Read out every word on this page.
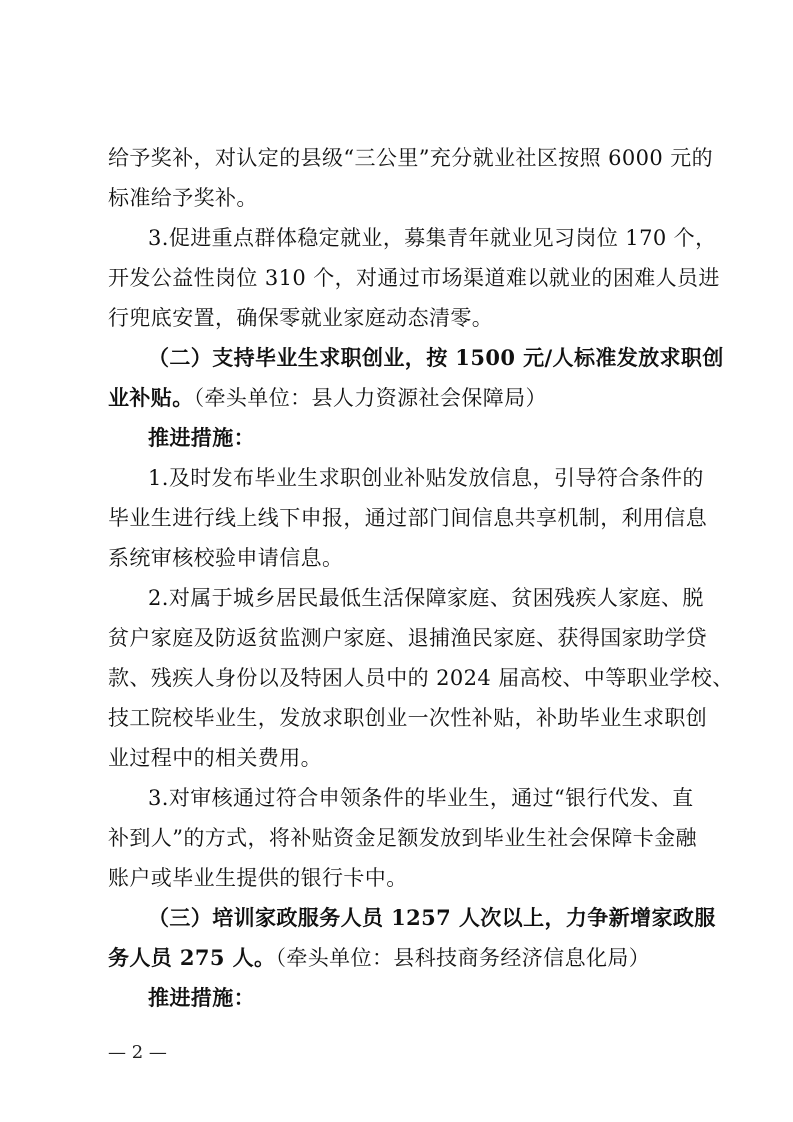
给予奖补，对认定的县级“三公里”充分就业社区按照 6000 元的
标准给予奖补。
3.促进重点群体稳定就业，募集青年就业见习岗位 170 个，
开发公益性岗位 310 个，对通过市场渠道难以就业的困难人员进
行兜底安置，确保零就业家庭动态清零。
（二）支持毕业生求职创业，按 1500 元/人标准发放求职创
业补贴。（牵头单位：县人力资源社会保障局）
推进措施：
1.及时发布毕业生求职创业补贴发放信息，引导符合条件的
毕业生进行线上线下申报，通过部门间信息共享机制，利用信息
系统审核校验申请信息。
2.对属于城乡居民最低生活保障家庭、贫困残疾人家庭、脱
贫户家庭及防返贫监测户家庭、退捕渔民家庭、获得国家助学贷
款、残疾人身份以及特困人员中的 2024 届高校、中等职业学校、
技工院校毕业生，发放求职创业一次性补贴，补助毕业生求职创
业过程中的相关费用。
3.对审核通过符合申领条件的毕业生，通过“银行代发、直
补到人”的方式，将补贴资金足额发放到毕业生社会保障卡金融
账户或毕业生提供的银行卡中。
（三）培训家政服务人员 1257 人次以上，力争新增家政服
务人员 275 人。（牵头单位：县科技商务经济信息化局）
推进措施：
— 2 —
